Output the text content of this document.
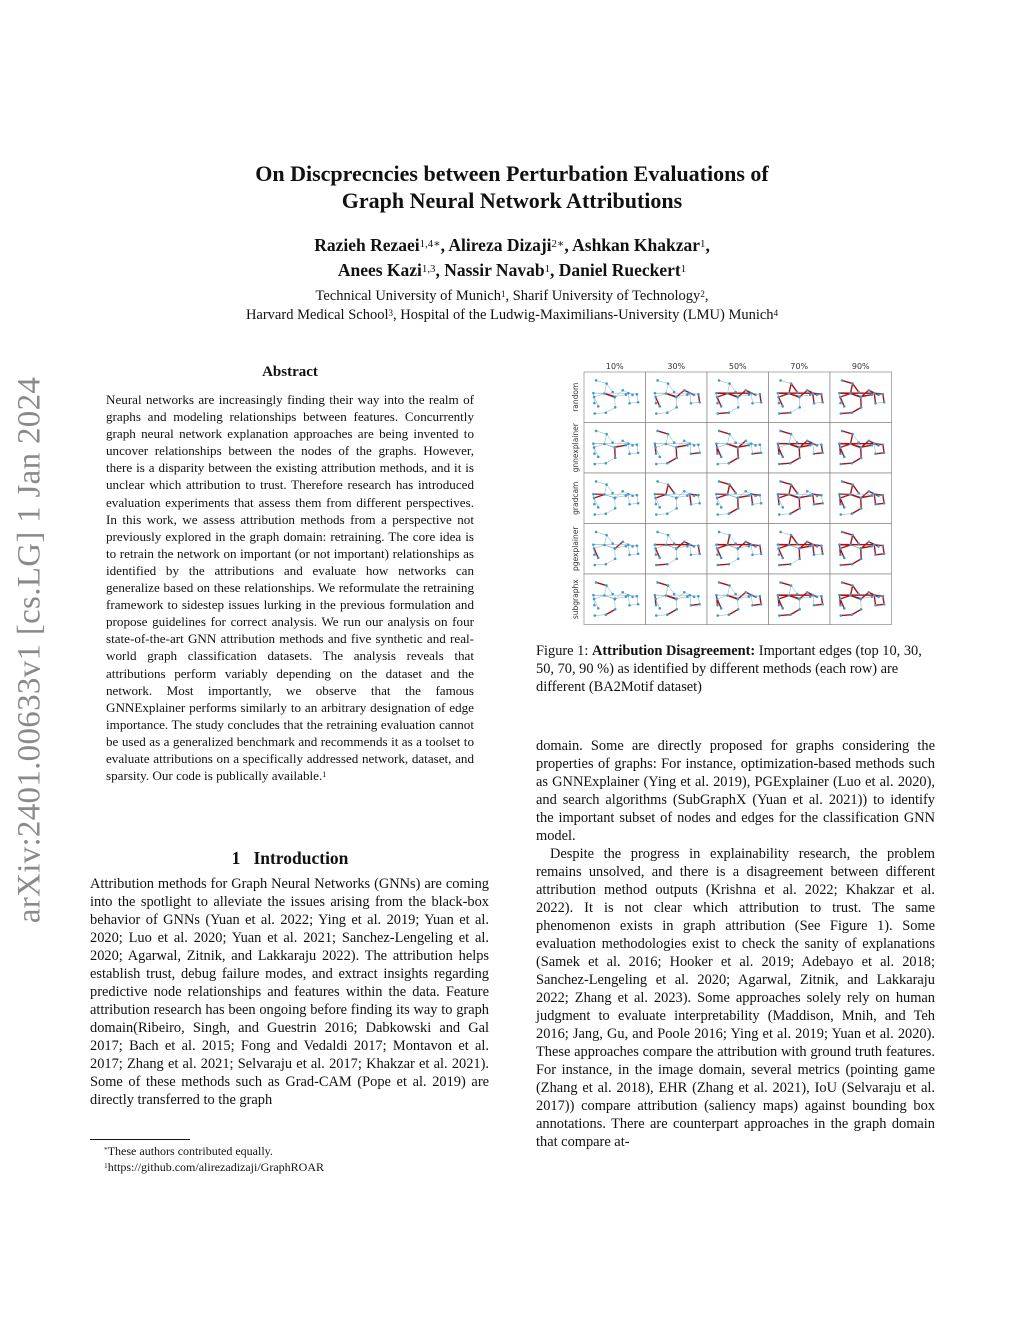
On Discprecncies between Perturbation Evaluations of
Graph Neural Network Attributions
Razieh Rezaei$^{1,4∗}$, Alireza Dizaji$^{2∗}$, Ashkan Khakzar$^1$,
Anees Kazi$^{1,3}$, Nassir Navab$^1$, Daniel Rueckert$^1$
Technical University of Munich$^1$, Sharif University of Technology$^2$,
Harvard Medical School$^3$, Hospital of the Ludwig-Maximilians-University (LMU) Munich$^4$
arXiv:2401.00633v1 [cs.LG] 1 Jan 2024
Abstract
Neural networks are increasingly finding their way into the realm of graphs and modeling relationships between features. Concurrently graph neural network explanation approaches are being invented to uncover relationships between the nodes of the graphs. However, there is a disparity between the existing attribution methods, and it is unclear which attribution to trust. Therefore research has introduced evaluation experiments that assess them from different perspectives. In this work, we assess attribution methods from a perspective not previously explored in the graph domain: retraining. The core idea is to retrain the network on important (or not important) relationships as identified by the attributions and evaluate how networks can generalize based on these relationships. We reformulate the retraining framework to sidestep issues lurking in the previous formulation and propose guidelines for correct analysis. We run our analysis on four state-of-the-art GNN attribution methods and five synthetic and real-world graph classification datasets. The analysis reveals that attributions perform variably depending on the dataset and the network. Most importantly, we observe that the famous GNNExplainer performs similarly to an arbitrary designation of edge importance. The study concludes that the retraining evaluation cannot be used as a generalized benchmark and recommends it as a toolset to evaluate attributions on a specifically addressed network, dataset, and sparsity. Our code is publically available.$^1$
1 Introduction
Attribution methods for Graph Neural Networks (GNNs) are coming into the spotlight to alleviate the issues arising from the black-box behavior of GNNs (Yuan et al. 2022; Ying et al. 2019; Yuan et al. 2020; Luo et al. 2020; Yuan et al. 2021; Sanchez-Lengeling et al. 2020; Agarwal, Zitnik, and Lakkaraju 2022). The attribution helps establish trust, debug failure modes, and extract insights regarding predictive node relationships and features within the data. Feature attribution research has been ongoing before finding its way to graph domain(Ribeiro, Singh, and Guestrin 2016; Dabkowski and Gal 2017; Bach et al. 2015; Fong and Vedaldi 2017; Montavon et al. 2017; Zhang et al. 2021; Selvaraju et al. 2017; Khakzar et al. 2021). Some of these methods such as Grad-CAM (Pope et al. 2019) are directly transferred to the graph
*These authors contributed equally.
$^1$https://github.com/alirezadizaji/GraphROAR
10%	30%	50%	70%	90%
random
gnnexplainer
gradcam
pgexplainer
subgraphx
Figure 1: Attribution Disagreement: Important edges (top 10, 30, 50, 70, 90 %) as identified by different methods (each row) are different (BA2Motif dataset)

domain. Some are directly proposed for graphs considering the properties of graphs: For instance, optimization-based methods such as GNNExplainer (Ying et al. 2019), PGExplainer (Luo et al. 2020), and search algorithms (SubGraphX (Yuan et al. 2021)) to identify the important subset of nodes and edges for the classification GNN model.

Despite the progress in explainability research, the problem remains unsolved, and there is a disagreement between different attribution method outputs (Krishna et al. 2022; Khakzar et al. 2022). It is not clear which attribution to trust. The same phenomenon exists in graph attribution (See Figure 1). Some evaluation methodologies exist to check the sanity of explanations (Samek et al. 2016; Hooker et al. 2019; Adebayo et al. 2018; Sanchez-Lengeling et al. 2020; Agarwal, Zitnik, and Lakkaraju 2022; Zhang et al. 2023). Some approaches solely rely on human judgment to evaluate interpretability (Maddison, Mnih, and Teh 2016; Jang, Gu, and Poole 2016; Ying et al. 2019; Yuan et al. 2020). These approaches compare the attribution with ground truth features. For instance, in the image domain, several metrics (pointing game (Zhang et al. 2018), EHR (Zhang et al. 2021), IoU (Selvaraju et al. 2017)) compare attribution (saliency maps) against bounding box annotations. There are counterpart approaches in the graph domain that compare at-
